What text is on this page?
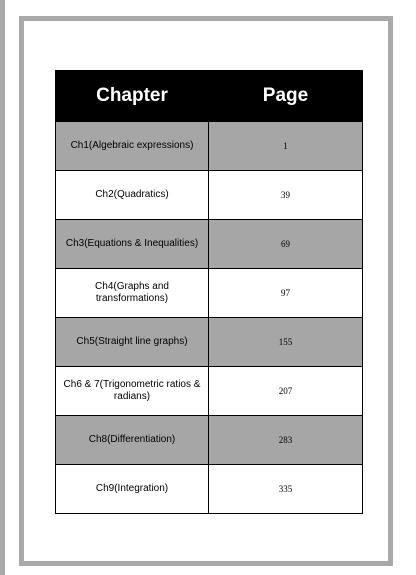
Chapter	Page
Ch1(Algebraic expressions)	1
Ch2(Quadratics)	39
Ch3(Equations & Inequalities)	69
Ch4(Graphs and transformations)	97
Ch5(Straight line graphs)	155
Ch6 & 7(Trigonometric ratios & radians)	207
Ch8(Differentiation)	283
Ch9(Integration)	335
